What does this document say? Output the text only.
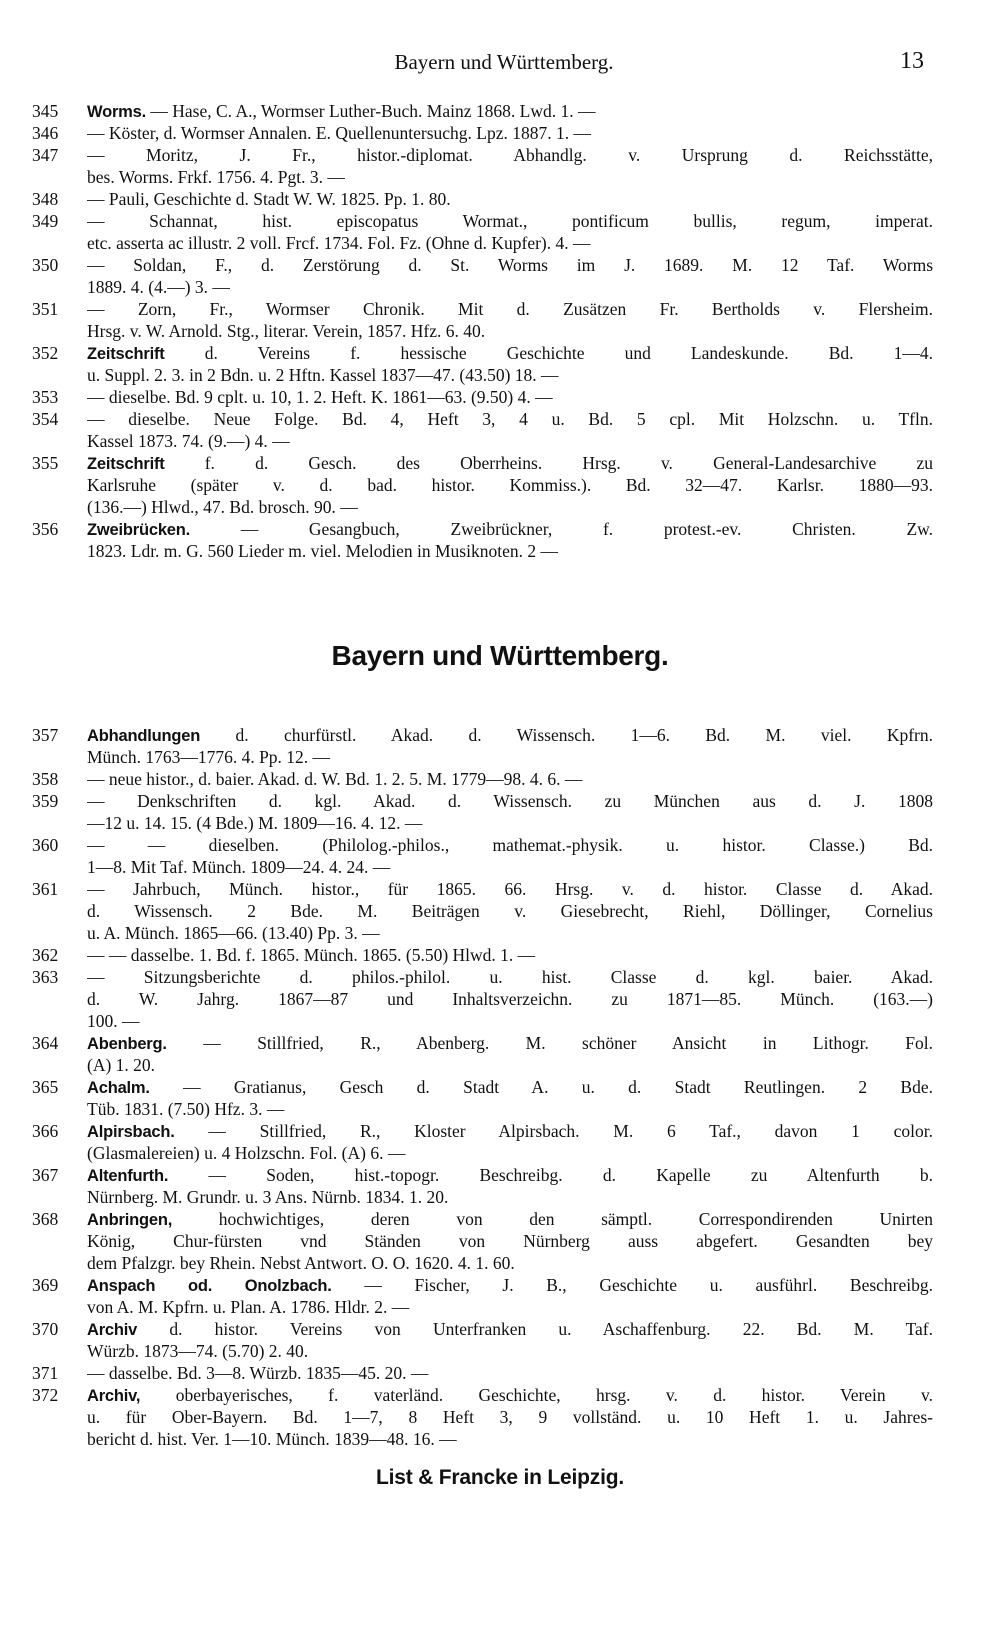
Bayern und Württemberg.	13
345	Worms. — Hase, C. A., Wormser Luther-Buch. Mainz 1868. Lwd. 1. —
346	— Köster, d. Wormser Annalen. E. Quellenuntersuchg. Lpz. 1887. 1. —
347	— Moritz, J. Fr., histor.-diplomat. Abhandlg. v. Ursprung d. Reichsstätte,
bes. Worms. Frkf. 1756. 4. Pgt. 3. —
348	— Pauli, Geschichte d. Stadt W. W. 1825. Pp. 1. 80.
349	— Schannat, hist. episcopatus Wormat., pontificum bullis, regum, imperat.
etc. asserta ac illustr. 2 voll. Frcf. 1734. Fol. Fz. (Ohne d. Kupfer). 4. —
350	— Soldan, F., d. Zerstörung d. St. Worms im J. 1689. M. 12 Taf. Worms
1889. 4. (4.—) 3. —
351	— Zorn, Fr., Wormser Chronik. Mit d. Zusätzen Fr. Bertholds v. Flersheim.
Hrsg. v. W. Arnold. Stg., literar. Verein, 1857. Hfz. 6. 40.
352	Zeitschrift d. Vereins f. hessische Geschichte und Landeskunde. Bd. 1—4.
u. Suppl. 2. 3. in 2 Bdn. u. 2 Hftn. Kassel 1837—47. (43.50) 18. —
353	— dieselbe. Bd. 9 cplt. u. 10, 1. 2. Heft. K. 1861—63. (9.50) 4. —
354	— dieselbe. Neue Folge. Bd. 4, Heft 3, 4 u. Bd. 5 cpl. Mit Holzschn. u. Tfln.
Kassel 1873. 74. (9.—) 4. —
355	Zeitschrift f. d. Gesch. des Oberrheins. Hrsg. v. General-Landesarchive zu
Karlsruhe (später v. d. bad. histor. Kommiss.). Bd. 32—47. Karlsr. 1880—93.
(136.—) Hlwd., 47. Bd. brosch. 90. —
356	Zweibrücken.	— Gesangbuch, Zweibrückner, f. protest.-ev. Christen. Zw.
1823. Ldr. m. G. 560 Lieder m. viel. Melodien in Musiknoten. 2 —
Bayern und Württemberg.
357	Abhandlungen d. churfürstl. Akad. d. Wissensch. 1—6. Bd. M. viel. Kpfrn.
Münch. 1763—1776. 4. Pp. 12. —
358	— neue histor., d. baier. Akad. d. W. Bd. 1. 2. 5. M. 1779—98. 4. 6. —
359	— Denkschriften d. kgl. Akad. d. Wissensch. zu München aus d. J. 1808
—12 u. 14. 15. (4 Bde.) M. 1809—16. 4. 12. —
360	— — dieselben. (Philolog.-philos., mathemat.-physik. u. histor. Classe.) Bd.
1—8. Mit Taf. Münch. 1809—24. 4. 24. —
361	— Jahrbuch, Münch. histor., für 1865. 66. Hrsg. v. d. histor. Classe d. Akad.
d. Wissensch. 2 Bde. M. Beiträgen v. Giesebrecht, Riehl, Döllinger, Cornelius
u. A. Münch. 1865—66. (13.40) Pp. 3. —
362	— — dasselbe. 1. Bd. f. 1865. Münch. 1865. (5.50) Hlwd. 1. —
363	— Sitzungsberichte d. philos.-philol. u. hist. Classe d. kgl. baier. Akad.
d. W. Jahrg. 1867—87 und Inhaltsverzeichn. zu 1871—85. Münch. (163.—)
100. —
364	Abenberg. — Stillfried, R., Abenberg. M. schöner Ansicht in Lithogr. Fol.
(A) 1. 20.
365	Achalm. — Gratianus, Gesch d. Stadt A. u. d. Stadt Reutlingen. 2 Bde.
Tüb. 1831. (7.50) Hfz. 3. —
366	Alpirsbach. — Stillfried, R., Kloster Alpirsbach. M. 6 Taf., davon 1 color.
(Glasmalereien) u. 4 Holzschn. Fol. (A) 6. —
367	Altenfurth. — Soden, hist.-topogr. Beschreibg. d. Kapelle zu Altenfurth b.
Nürnberg. M. Grundr. u. 3 Ans. Nürnb. 1834. 1. 20.
368	Anbringen,	hochwichtiges, deren von den sämptl. Correspondirenden Unirten
König, Chur-fürsten vnd Ständen von Nürnberg auss abgefert. Gesandten bey
dem Pfalzgr. bey Rhein. Nebst Antwort. O. O. 1620. 4. 1. 60.
369	Anspach od. Onolzbach. — Fischer, J. B., Geschichte u. ausführl. Beschreibg.
von A. M. Kpfrn. u. Plan. A. 1786. Hldr. 2. —
370	Archiv d. histor. Vereins von Unterfranken u. Aschaffenburg. 22. Bd. M. Taf.
Würzb. 1873—74. (5.70) 2. 40.
371	— dasselbe. Bd. 3—8. Würzb. 1835—45. 20. —
372	Archiv, oberbayerisches, f. vaterländ. Geschichte, hrsg. v. d. histor. Verein v.
u. für Ober-Bayern. Bd. 1—7, 8 Heft 3, 9 vollständ. u. 10 Heft 1. u. Jahres-
bericht d. hist. Ver. 1—10. Münch. 1839—48. 16. —
List & Francke in Leipzig.
